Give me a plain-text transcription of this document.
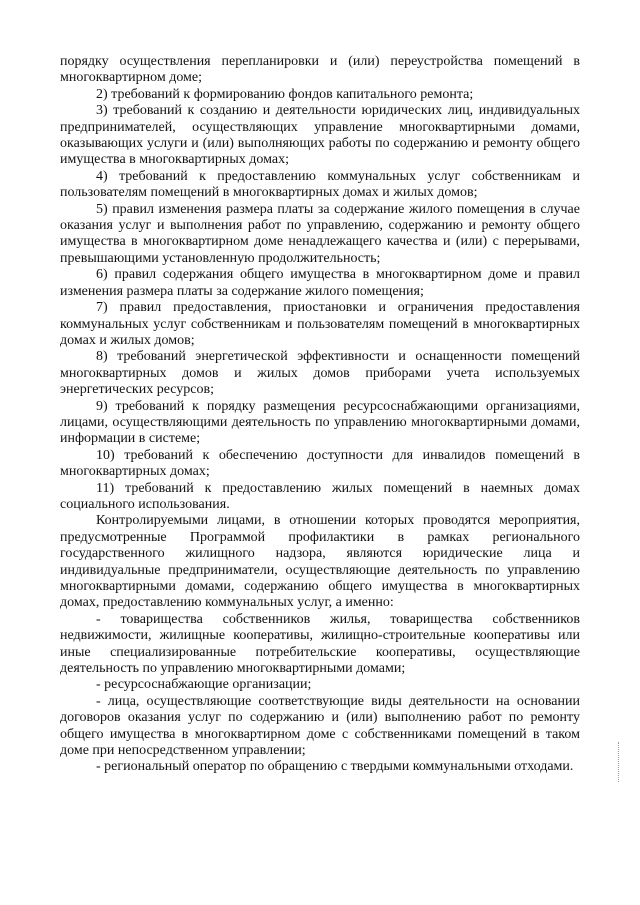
порядку осуществления перепланировки и (или) переустройства помещений в многоквартирном доме;

2) требований к формированию фондов капитального ремонта;

3) требований к созданию и деятельности юридических лиц, индивидуальных предпринимателей, осуществляющих управление многоквартирными домами, оказывающих услуги и (или) выполняющих работы по содержанию и ремонту общего имущества в многоквартирных домах;

4) требований к предоставлению коммунальных услуг собственникам и пользователям помещений в многоквартирных домах и жилых домов;

5) правил изменения размера платы за содержание жилого помещения в случае оказания услуг и выполнения работ по управлению, содержанию и ремонту общего имущества в многоквартирном доме ненадлежащего качества и (или) с перерывами, превышающими установленную продолжительность;

6) правил содержания общего имущества в многоквартирном доме и правил изменения размера платы за содержание жилого помещения;

7) правил предоставления, приостановки и ограничения предоставления коммунальных услуг собственникам и пользователям помещений в многоквартирных домах и жилых домов;

8) требований энергетической эффективности и оснащенности помещений многоквартирных домов и жилых домов приборами учета используемых энергетических ресурсов;

9) требований к порядку размещения ресурсоснабжающими организациями, лицами, осуществляющими деятельность по управлению многоквартирными домами, информации в системе;

10) требований к обеспечению доступности для инвалидов помещений в многоквартирных домах;

11) требований к предоставлению жилых помещений в наемных домах социального использования.

Контролируемыми лицами, в отношении которых проводятся мероприятия, предусмотренные Программой профилактики в рамках регионального государственного жилищного надзора, являются юридические лица и индивидуальные предприниматели, осуществляющие деятельность по управлению многоквартирными домами, содержанию общего имущества в многоквартирных домах, предоставлению коммунальных услуг, а именно:

- товарищества собственников жилья, товарищества собственников недвижимости, жилищные кооперативы, жилищно-строительные кооперативы или иные специализированные потребительские кооперативы, осуществляющие деятельность по управлению многоквартирными домами;

- ресурсоснабжающие организации;

- лица, осуществляющие соответствующие виды деятельности на основании договоров оказания услуг по содержанию и (или) выполнению работ по ремонту общего имущества в многоквартирном доме с собственниками помещений в таком доме при непосредственном управлении;

- региональный оператор по обращению с твердыми коммунальными отходами.
